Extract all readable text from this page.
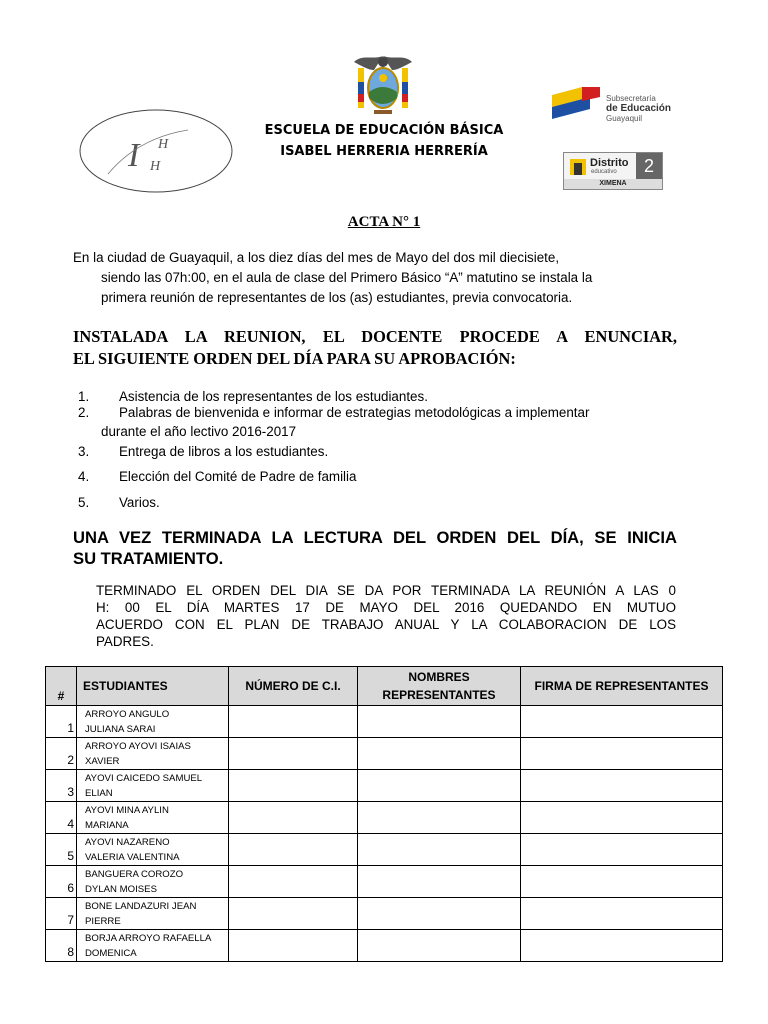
I H
H
ESCUELA DE EDUCACIÓN BÁSICA
ISABEL HERRERIA HERRERÍA
Subsecretaría
de Educación
Guayaquil
Distrito
educativo	2
XIMENA
ACTA N° 1
En la ciudad de Guayaquil, a los diez días del mes de Mayo del dos mil diecisiete,
siendo las 07h:00, en el aula de clase del Primero Básico “A” matutino se instala la
primera reunión de representantes de los (as) estudiantes, previa convocatoria.
INSTALADA LA REUNION, EL DOCENTE PROCEDE A ENUNCIAR,
EL SIGUIENTE ORDEN DEL DÍA PARA SU APROBACIÓN:
1. Asistencia de los representantes de los estudiantes.
2. Palabras de bienvenida e informar de estrategias metodológicas a implementar
durante el año lectivo 2016-2017
3. Entrega de libros a los estudiantes.
4. Elección del Comité de Padre de familia
5. Varios.
UNA VEZ TERMINADA LA LECTURA DEL ORDEN DEL DÍA, SE INICIA
SU TRATAMIENTO.
TERMINADO EL ORDEN DEL DIA SE DA POR TERMINADA LA REUNIÓN A LAS 0
H: 00 EL DÍA MARTES 17 DE MAYO DEL 2016 QUEDANDO EN MUTUO
ACUERDO CON EL PLAN DE TRABAJO ANUAL Y LA COLABORACION DE LOS
PADRES.
#	ESTUDIANTES	NÚMERO DE C.I.	NOMBRES
REPRESENTANTES	FIRMA DE REPRESENTANTES
1	ARROYO ANGULO
JULIANA SARAI			
2	ARROYO AYOVI ISAIAS
XAVIER			
3	AYOVI CAICEDO SAMUEL
ELIAN			
4	AYOVI MINA AYLIN
MARIANA			
5	AYOVI NAZARENO
VALERIA VALENTINA			
6	BANGUERA COROZO
DYLAN MOISES			
7	BONE LANDAZURI JEAN
PIERRE			
8	BORJA ARROYO RAFAELLA
DOMENICA			
